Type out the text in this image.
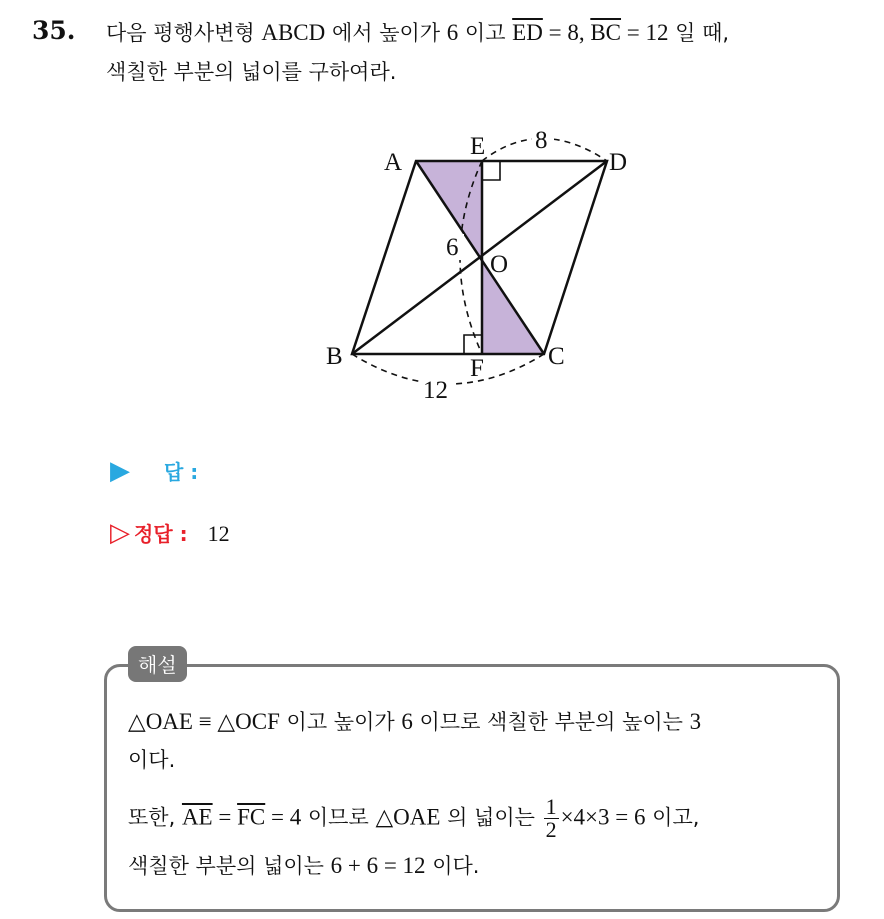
35. 다음 평행사변형 ABCD 에서 높이가 6 이고 $\overline{ED} = 8$, $\overline{BC} = 12$ 일 때,
색칠한 부분의 넓이를 구하여라.
A
E
D
O
B	F	C
8
6
12
▶ 답 :
▷ 정답 : 12
해설
△OAE ≡ △OCF 이고 높이가 6 이므로 색칠한 부분의 높이는 3
이다.
또한, $\overline{AE} = \overline{FC} = 4$ 이므로 △OAE 의 넓이는 $\frac{1}{2} \times 4\times 3 = 6$ 이고,
색칠한 부분의 넓이는 6 + 6 = 12 이다.
